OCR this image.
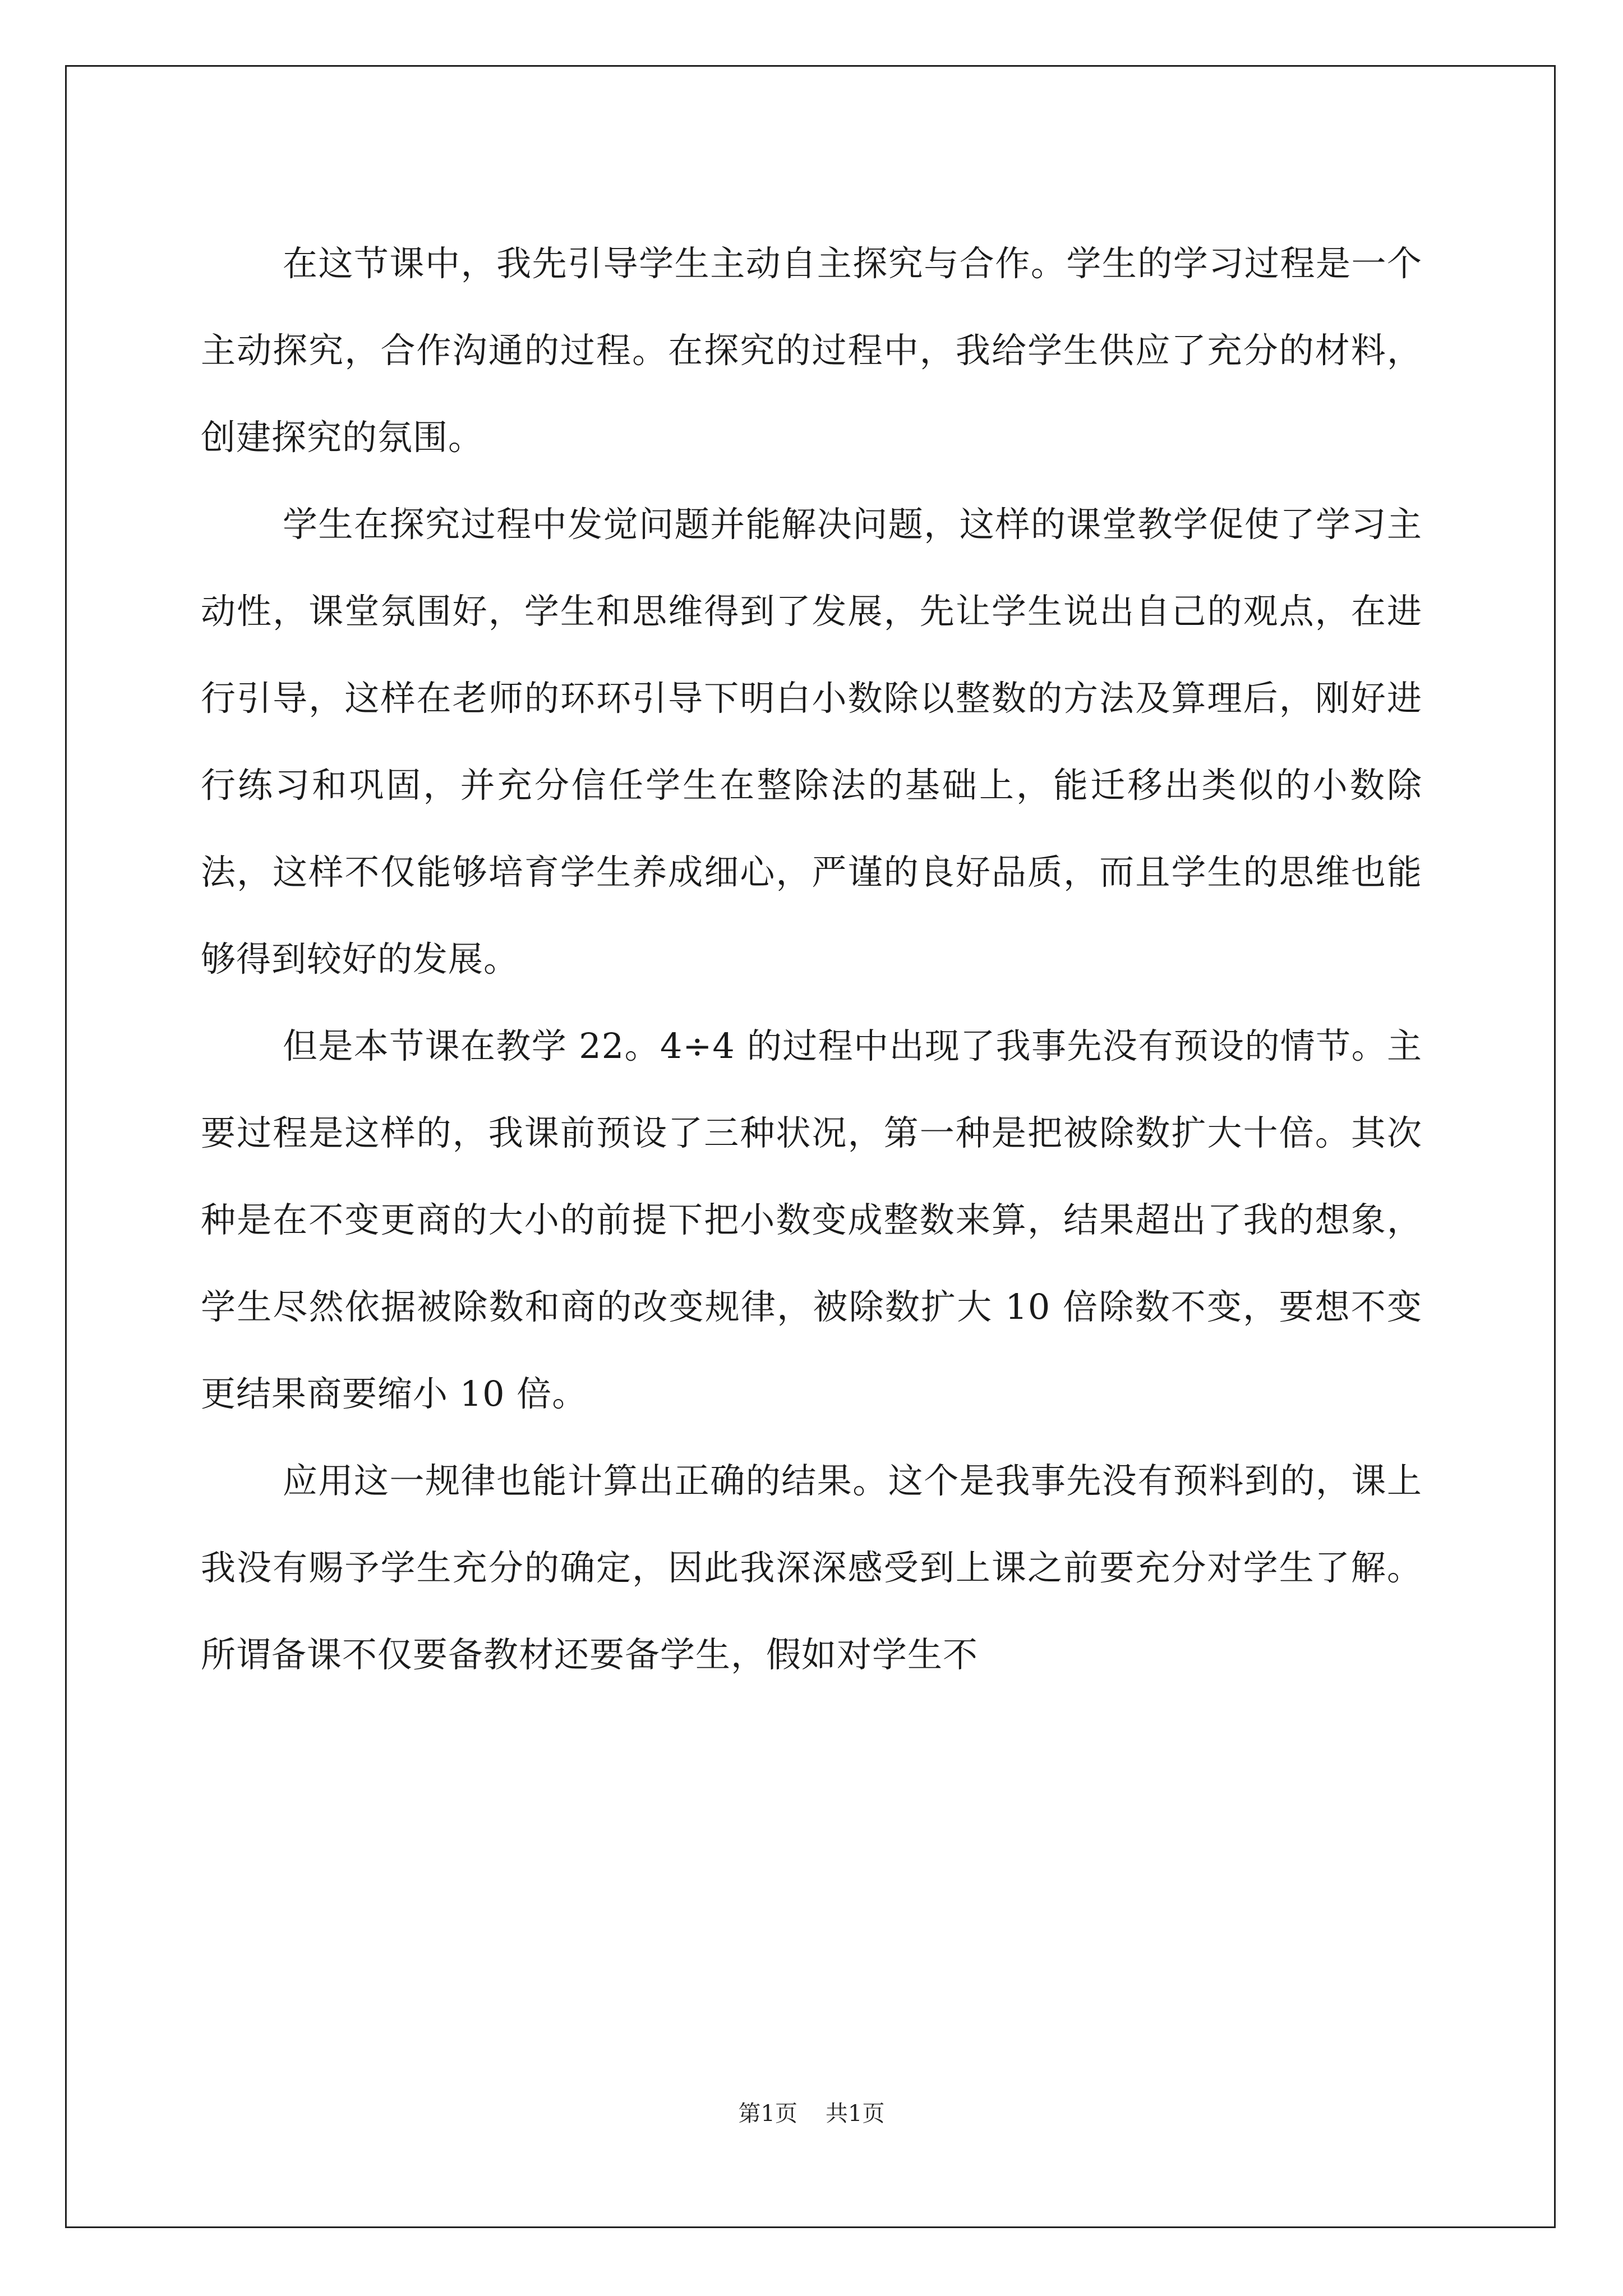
在这节课中，我先引导学生主动自主探究与合作。学生的学习过程是一个主动探究，合作沟通的过程。在探究的过程中，我给学生供应了充分的材料，创建探究的氛围。

学生在探究过程中发觉问题并能解决问题，这样的课堂教学促使了学习主动性，课堂氛围好，学生和思维得到了发展，先让学生说出自己的观点，在进行引导，这样在老师的环环引导下明白小数除以整数的方法及算理后，刚好进行练习和巩固，并充分信任学生在整除法的基础上，能迁移出类似的小数除法，这样不仅能够培育学生养成细心，严谨的良好品质，而且学生的思维也能够得到较好的发展。

但是本节课在教学 22。4÷4 的过程中出现了我事先没有预设的情节。主要过程是这样的，我课前预设了三种状况，第一种是把被除数扩大十倍。其次种是在不变更商的大小的前提下把小数变成整数来算，结果超出了我的想象，学生尽然依据被除数和商的改变规律，被除数扩大 10 倍除数不变，要想不变更结果商要缩小 10 倍。

应用这一规律也能计算出正确的结果。这个是我事先没有预料到的，课上我没有赐予学生充分的确定，因此我深深感受到上课之前要充分对学生了解。所谓备课不仅要备教材还要备学生，假如对学生不

第1页 共1页
